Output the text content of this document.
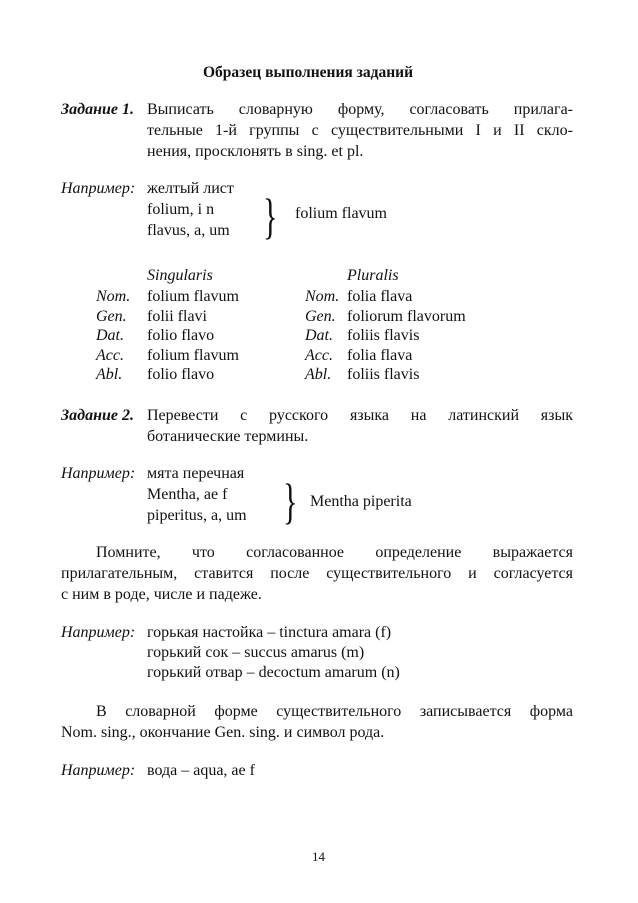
Образец выполнения заданий
Задание 1. Выписать словарную форму, согласовать прилага-
тельные 1-й группы с существительными I и II скло-
нения, просклонять в sing. et pl.
Например: желтый лист
folium, i n
flavus, a, um } folium flavum
Singularis	Pluralis
Nom. folium flavum	Nom. folia flava
Gen. folii flavi	Gen. foliorum flavorum
Dat. folio flavo	Dat. foliis flavis
Acc. folium flavum	Acc. folia flava
Abl. folio flavo	Abl. foliis flavis
Задание 2. Перевести с русского языка на латинский язык
ботанические термины.
Например: мята перечная
Mentha, ae f
piperitus, a, um } Mentha piperita
Помните, что согласованное определение выражается
прилагательным, ставится после существительного и согласуется
с ним в роде, числе и падеже.
Например: горькая настойка – tinctura amara (f)
горький сок – succus amarus (m)
горький отвар – decoctum amarum (n)
В словарной форме существительного записывается форма
Nom. sing., окончание Gen. sing. и символ рода.
Например: вода – aqua, ae f
14
